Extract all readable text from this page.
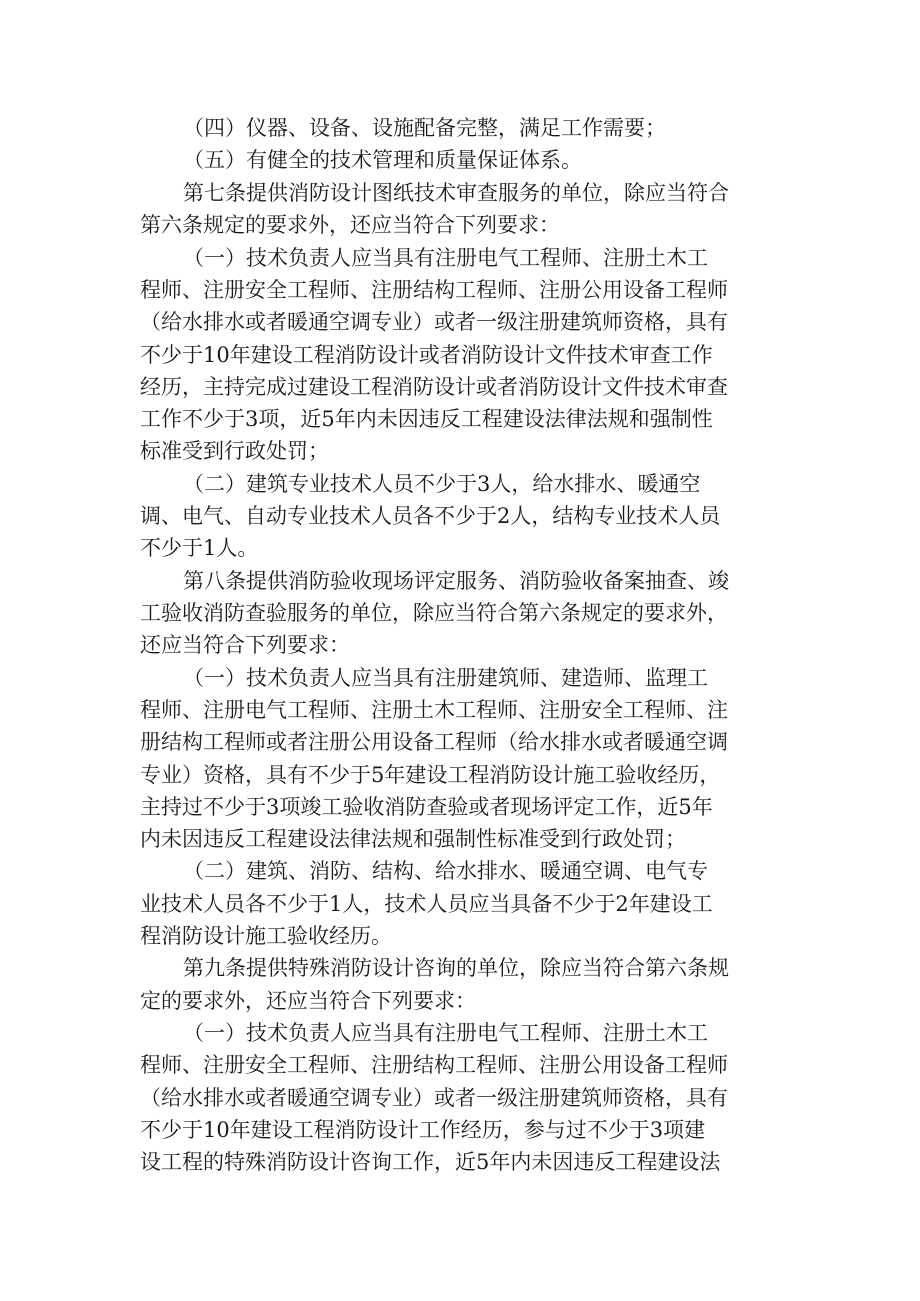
（四）仪器、设备、设施配备完整，满足工作需要；

（五）有健全的技术管理和质量保证体系。

第七条提供消防设计图纸技术审查服务的单位，除应当符合

第六条规定的要求外，还应当符合下列要求：

（一）技术负责人应当具有注册电气工程师、注册土木工

程师、注册安全工程师、注册结构工程师、注册公用设备工程师

（给水排水或者暖通空调专业）或者一级注册建筑师资格，具有

不少于10年建设工程消防设计或者消防设计文件技术审查工作

经历，主持完成过建设工程消防设计或者消防设计文件技术审查

工作不少于3项，近5年内未因违反工程建设法律法规和强制性

标准受到行政处罚；

（二）建筑专业技术人员不少于3人，给水排水、暖通空

调、电气、自动专业技术人员各不少于2人，结构专业技术人员

不少于1人。

第八条提供消防验收现场评定服务、消防验收备案抽查、竣

工验收消防查验服务的单位，除应当符合第六条规定的要求外，

还应当符合下列要求：

（一）技术负责人应当具有注册建筑师、建造师、监理工

程师、注册电气工程师、注册土木工程师、注册安全工程师、注

册结构工程师或者注册公用设备工程师（给水排水或者暖通空调

专业）资格，具有不少于5年建设工程消防设计施工验收经历，

主持过不少于3项竣工验收消防查验或者现场评定工作，近5年

内未因违反工程建设法律法规和强制性标准受到行政处罚；

（二）建筑、消防、结构、给水排水、暖通空调、电气专

业技术人员各不少于1人，技术人员应当具备不少于2年建设工

程消防设计施工验收经历。

第九条提供特殊消防设计咨询的单位，除应当符合第六条规

定的要求外，还应当符合下列要求：

（一）技术负责人应当具有注册电气工程师、注册土木工

程师、注册安全工程师、注册结构工程师、注册公用设备工程师

（给水排水或者暖通空调专业）或者一级注册建筑师资格，具有

不少于10年建设工程消防设计工作经历，参与过不少于3项建

设工程的特殊消防设计咨询工作，近5年内未因违反工程建设法
